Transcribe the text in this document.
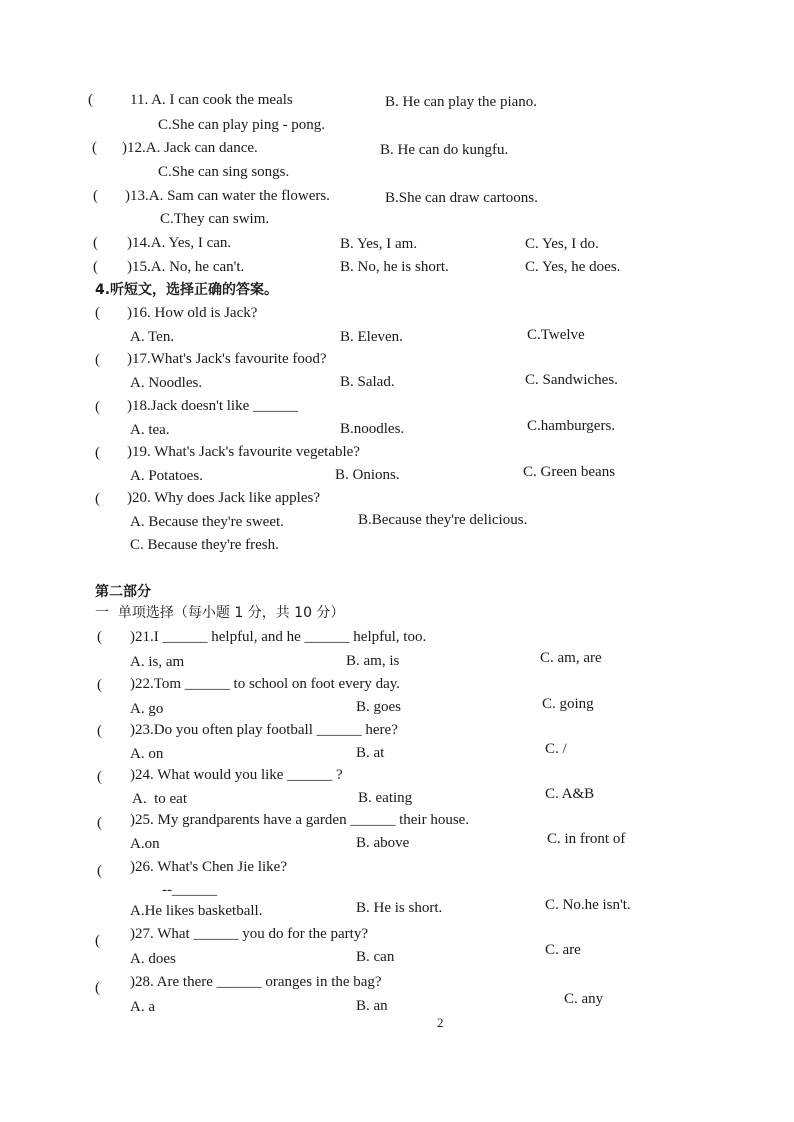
( 11. A. I can cook the meals	B. He can play the piano.
C.She can play ping - pong.
( )12.A. Jack can dance.	B. He can do kungfu.
C.She can sing songs.
( )13.A. Sam can water the flowers.	B.She can draw cartoons.
C.They can swim.
( )14.A. Yes, I can.	B. Yes, I am.	C. Yes, I do.
( )15.A. No, he can't.	B. No, he is short.	C. Yes, he does.
4.听短文，选择正确的答案。
( )16. How old is Jack?
A. Ten.	B. Eleven.	C.Twelve
( )17.What's Jack's favourite food?
A. Noodles.	B. Salad.	C. Sandwiches.
( )18.Jack doesn't like ______
A. tea.	B.noodles.	C.hamburgers.
( )19. What's Jack's favourite vegetable?
A. Potatoes.	B. Onions.	C. Green beans
( )20. Why does Jack like apples?
A. Because they're sweet.	B.Because they're delicious.
C. Because they're fresh.
第二部分
一  单项选择（每小题 1 分，共 10 分）
( )21.I ______ helpful, and he ______ helpful, too.
A. is, am	B. am, is	C. am, are
( )22.Tom ______ to school on foot every day.
A. go	B. goes	C. going
( )23.Do you often play football ______ here?
A. on	B. at	C. /
( )24. What would you like ______ ?
A.  to eat	B. eating	C. A&B
( )25. My grandparents have a garden ______ their house.
A.on	B. above	C. in front of
( )26. What's Chen Jie like?
--______
A.He likes basketball.	B. He is short.	C. No.he isn't.
( )27. What ______ you do for the party?
A. does	B. can	C. are
( )28. Are there ______ oranges in the bag?
A. a	B. an	C. any
2
